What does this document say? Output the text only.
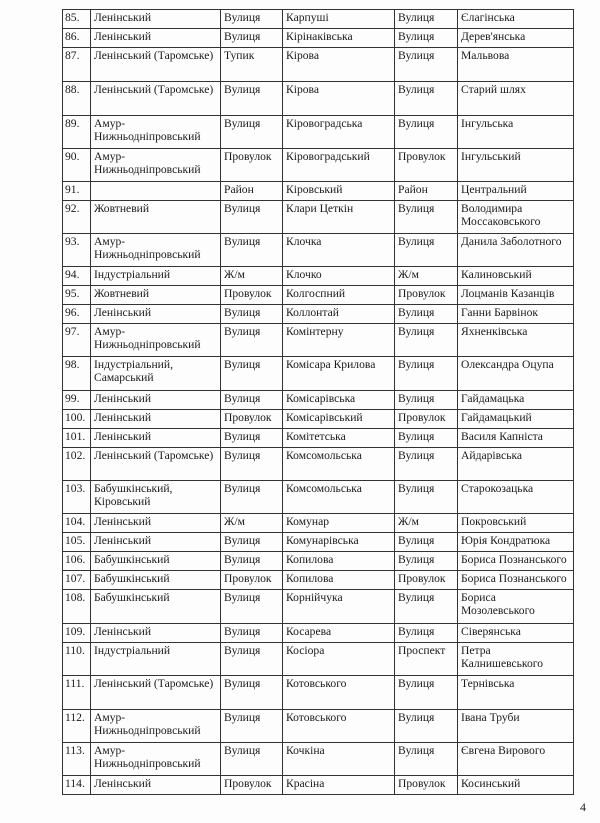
85.	Ленінський	Вулиця	Карпуші	Вулиця	Єлагінська
86.	Ленінський	Вулиця	Кірінаківська	Вулиця	Дерев'янська
87.	Ленінський (Таромське)	Тупик	Кірова	Вулиця	Мальвова
88.	Ленінський (Таромське)	Вулиця	Кірова	Вулиця	Старий шлях
89.	Амур-Нижньодніпровський	Вулиця	Кіровоградська	Вулиця	Інгульська
90.	Амур-Нижньодніпровський	Провулок	Кіровоградський	Провулок	Інгульський
91.		Район	Кіровський	Район	Центральний
92.	Жовтневий	Вулиця	Клари Цеткін	Вулиця	Володимира Моссаковського
93.	Амур-Нижньодніпровський	Вулиця	Клочка	Вулиця	Данила Заболотного
94.	Індустріальний	Ж/м	Клочко	Ж/м	Калиновський
95.	Жовтневий	Провулок	Колгоспний	Провулок	Лоцманів Казанців
96.	Ленінський	Вулиця	Коллонтай	Вулиця	Ганни Барвінок
97.	Амур-Нижньодніпровський	Вулиця	Комінтерну	Вулиця	Яхненківська
98.	Індустріальний, Самарський	Вулиця	Комісара Крилова	Вулиця	Олександра Оцупа
99.	Ленінський	Вулиця	Комісарівська	Вулиця	Гайдамацька
100.	Ленінський	Провулок	Комісарівський	Провулок	Гайдамацький
101.	Ленінський	Вулиця	Комітетська	Вулиця	Василя Капніста
102.	Ленінський (Таромське)	Вулиця	Комсомольська	Вулиця	Айдарівська
103.	Бабушкінський, Кіровський	Вулиця	Комсомольська	Вулиця	Старокозацька
104.	Ленінський	Ж/м	Комунар	Ж/м	Покровський
105.	Ленінський	Вулиця	Комунарівська	Вулиця	Юрія Кондратюка
106.	Бабушкінський	Вулиця	Копилова	Вулиця	Бориса Познанського
107.	Бабушкінський	Провулок	Копилова	Провулок	Бориса Познанського
108.	Бабушкінський	Вулиця	Корнійчука	Вулиця	Бориса Мозолевського
109.	Ленінський	Вулиця	Косарева	Вулиця	Сіверянська
110.	Індустріальний	Вулиця	Косіора	Проспект	Петра Калнишевського
111.	Ленінський (Таромське)	Вулиця	Котовського	Вулиця	Тернівська
112.	Амур-Нижньодніпровський	Вулиця	Котовського	Вулиця	Івана Труби
113.	Амур-Нижньодніпровський	Вулиця	Кочкіна	Вулиця	Євгена Вирового
114.	Ленінський	Провулок	Красіна	Провулок	Косинський
4
